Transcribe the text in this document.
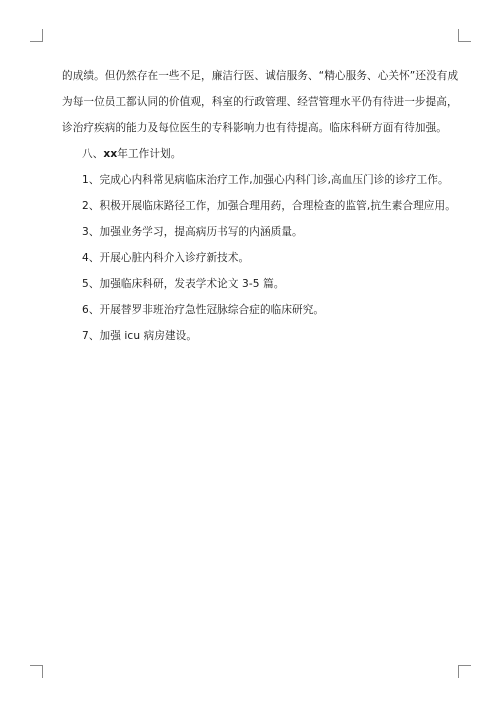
的成绩。但仍然存在一些不足，廉洁行医、诚信服务、“精心服务、心关怀”还没有成
为每一位员工都认同的价值观，科室的行政管理、经营管理水平仍有待进一步提高，
诊治疗疾病的能力及每位医生的专科影响力也有待提高。临床科研方面有待加强。
八、xx年工作计划。
1、完成心内科常见病临床治疗工作,加强心内科门诊,高血压门诊的诊疗工作。
2、积极开展临床路径工作，加强合理用药，合理检查的监管,抗生素合理应用。
3、加强业务学习，提高病历书写的内涵质量。
4、开展心脏内科介入诊疗新技术。
5、加强临床科研，发表学术论文 3-5 篇。
6、开展替罗非班治疗急性冠脉综合症的临床研究。
7、加强 icu 病房建设。
